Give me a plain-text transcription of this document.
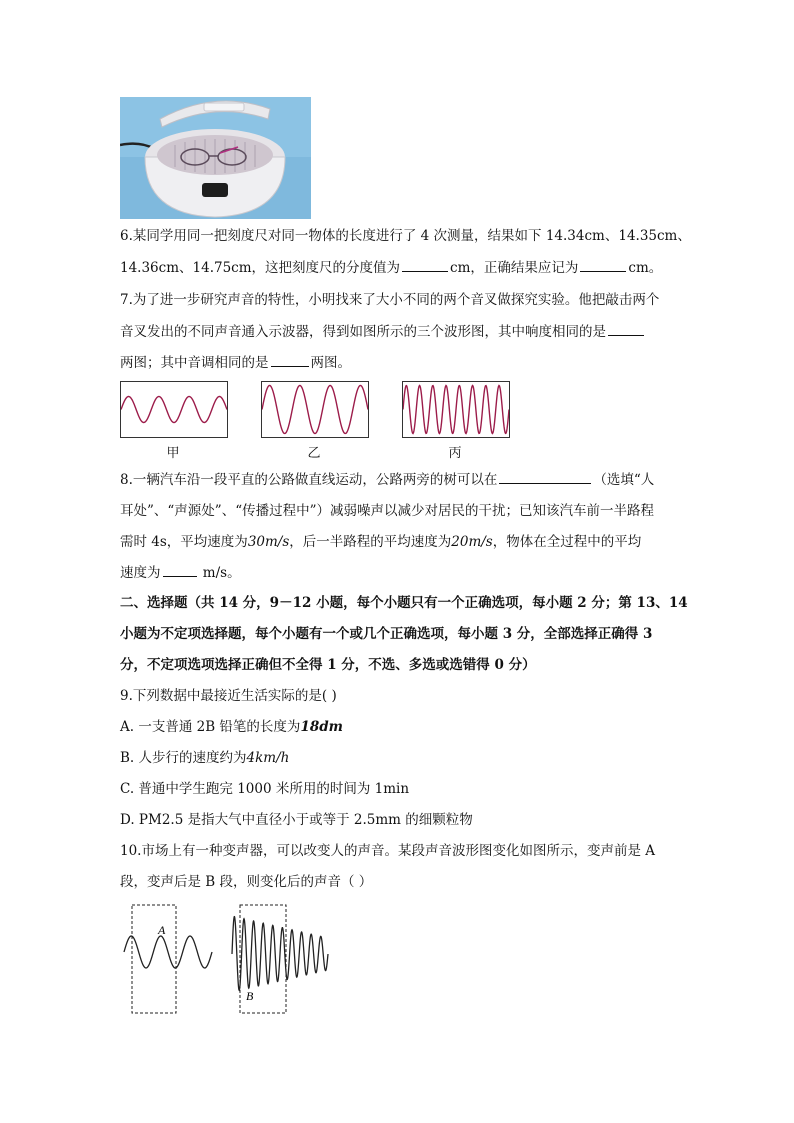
6.某同学用同一把刻度尺对同一物体的长度进行了 4 次测量，结果如下 14.34cm、14.35cm、
14.36cm、14.75cm，这把刻度尺的分度值为	cm，正确结果应记为	cm。
7.为了进一步研究声音的特性，小明找来了大小不同的两个音叉做探究实验。他把敲击两个
音叉发出的不同声音通入示波器，得到如图所示的三个波形图，其中响度相同的是
两图；其中音调相同的是	两图。
甲	乙	丙
8.一辆汽车沿一段平直的公路做直线运动，公路两旁的树可以在	（选填“人
耳处”、“声源处”、“传播过程中”）减弱噪声以减少对居民的干扰；已知该汽车前一半路程
需时 4s，平均速度为30m/s，后一半路程的平均速度为20m/s，物体在全过程中的平均
速度为	m/s。
二、选择题（共 14 分，9－12 小题，每个小题只有一个正确选项，每小题 2 分；第 13、14
小题为不定项选择题，每个小题有一个或几个正确选项，每小题 3 分，全部选择正确得 3
分，不定项选项选择正确但不全得 1 分，不选、多选或选错得 0 分）
9.下列数据中最接近生活实际的是( )
A. 一支普通 2B 铅笔的长度为18dm
B. 人步行的速度约为4km/h
C. 普通中学生跑完 1000 米所用的时间为 1min
D. PM2.5 是指大气中直径小于或等于 2.5mm 的细颗粒物
10.市场上有一种变声器，可以改变人的声音。某段声音波形图变化如图所示，变声前是 A
段，变声后是 B 段，则变化后的声音（ ）
A
B
